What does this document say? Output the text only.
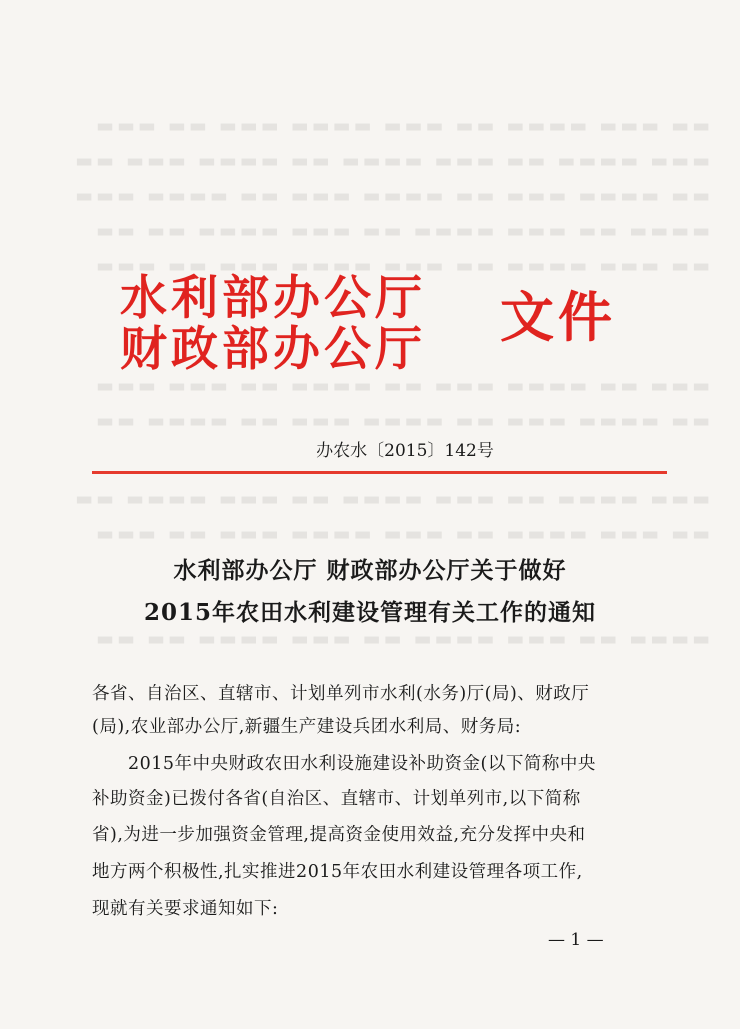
▬▬ ▬▬▬ ▬▬▬▬ ▬▬ ▬▬▬ ▬▬▬▬ ▬▬▬ ▬▬ ▬▬▬
▬▬▬ ▬▬▬▬ ▬▬ ▬▬▬ ▬▬▬▬ ▬▬ ▬▬▬▬ ▬▬▬ ▬▬
▬▬ ▬▬▬▬ ▬▬▬ ▬▬ ▬▬▬▬ ▬▬▬ ▬▬ ▬▬▬▬ ▬▬▬
▬▬▬▬ ▬▬ ▬▬▬ ▬▬▬▬ ▬▬ ▬▬▬ ▬▬▬▬ ▬▬ ▬▬
▬▬ ▬▬▬ ▬▬▬▬ ▬▬ ▬▬▬ ▬▬▬▬ ▬▬▬ ▬▬ ▬▬▬
▬▬▬ ▬▬ ▬▬▬▬ ▬▬▬ ▬▬ ▬▬▬▬ ▬▬ ▬▬▬ ▬▬▬
▬▬ ▬▬▬▬ ▬▬▬ ▬▬ ▬▬▬▬ ▬▬▬ ▬▬ ▬▬▬▬ ▬▬
▬▬▬ ▬▬▬▬ ▬▬ ▬▬▬ ▬▬▬▬ ▬▬ ▬▬▬ ▬▬▬▬ ▬▬
▬▬ ▬▬▬ ▬▬▬▬ ▬▬ ▬▬▬ ▬▬▬▬ ▬▬▬ ▬▬ ▬▬▬
▬▬▬▬ ▬▬ ▬▬▬ ▬▬▬▬ ▬▬ ▬▬▬ ▬▬▬▬ ▬▬ ▬▬
水利部办公厅
财政部办公厅
文件
办农水〔2015〕142号
水利部办公厅 财政部办公厅关于做好
2015年农田水利建设管理有关工作的通知
各省、自治区、直辖市、计划单列市水利(水务)厅(局)、财政厅
(局),农业部办公厅,新疆生产建设兵团水利局、财务局:
　　2015年中央财政农田水利设施建设补助资金(以下简称中央
补助资金)已拨付各省(自治区、直辖市、计划单列市,以下简称
省),为进一步加强资金管理,提高资金使用效益,充分发挥中央和
地方两个积极性,扎实推进2015年农田水利建设管理各项工作,
现就有关要求通知如下:
— 1 —
